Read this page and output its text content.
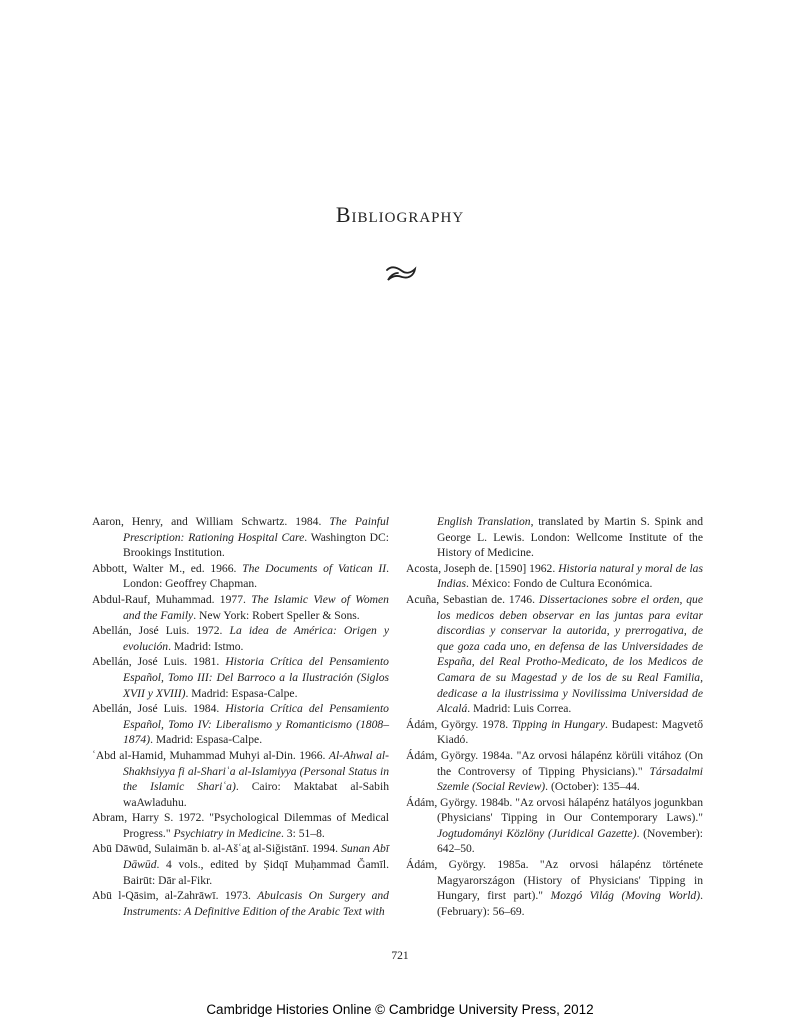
Bibliography

Aaron, Henry, and William Schwartz. 1984. The Painful Prescription: Rationing Hospital Care. Washington DC: Brookings Institution.

Abbott, Walter M., ed. 1966. The Documents of Vatican II. London: Geoffrey Chapman.

Abdul-Rauf, Muhammad. 1977. The Islamic View of Women and the Family. New York: Robert Speller & Sons.

Abellán, José Luis. 1972. La idea de América: Origen y evolución. Madrid: Istmo.

Abellán, José Luis. 1981. Historia Crítica del Pensamiento Español, Tomo III: Del Barroco a la Ilustración (Siglos XVII y XVIII). Madrid: Espasa-Calpe.

Abellán, José Luis. 1984. Historia Crítica del Pensamiento Español, Tomo IV: Liberalismo y Romanticismo (1808–1874). Madrid: Espasa-Calpe.

ʿAbd al-Hamid, Muhammad Muhyi al-Din. 1966. Al-Ahwal al-Shakhsiyya fi al-Shariʿa al-Islamiyya (Personal Status in the Islamic Shariʿa). Cairo: Maktabat al-Sabih waAwladuhu.

Abram, Harry S. 1972. "Psychological Dilemmas of Medical Progress." Psychiatry in Medicine. 3: 51–8.

Abū Dāwūd, Sulaimān b. al-Ašʿaṯ al-Siğistānī. 1994. Sunan Abī Dāwūd. 4 vols., edited by Ṣidqī Muḥammad Ğamīl. Bairūt: Dār al-Fikr.

Abū l-Qāsim, al-Zahrāwī. 1973. Abulcasis On Surgery and Instruments: A Definitive Edition of the Arabic Text with

English Translation, translated by Martin S. Spink and George L. Lewis. London: Wellcome Institute of the History of Medicine.

Acosta, Joseph de. [1590] 1962. Historia natural y moral de las Indias. México: Fondo de Cultura Económica.

Acuña, Sebastian de. 1746. Dissertaciones sobre el orden, que los medicos deben observar en las juntas para evitar discordias y conservar la autorida, y prerrogativa, de que goza cada uno, en defensa de las Universidades de España, del Real Protho-Medicato, de los Medicos de Camara de su Magestad y de los de su Real Familia, dedicase a la ilustrissima y Novilissima Universidad de Alcalá. Madrid: Luis Correa.

Ádám, György. 1978. Tipping in Hungary. Budapest: Magvető Kiadó.

Ádám, György. 1984a. "Az orvosi hálapénz körüli vitához (On the Controversy of Tipping Physicians)." Társadalmi Szemle (Social Review). (October): 135–44.

Ádám, György. 1984b. "Az orvosi hálapénz hatályos jogunkban (Physicians' Tipping in Our Contemporary Laws)." Jogtudományi Közlöny (Juridical Gazette). (November): 642–50.

Ádám, György. 1985a. "Az orvosi hálapénz története Magyarországon (History of Physicians' Tipping in Hungary, first part)." Mozgó Világ (Moving World). (February): 56–69.

721
Cambridge Histories Online © Cambridge University Press, 2012
